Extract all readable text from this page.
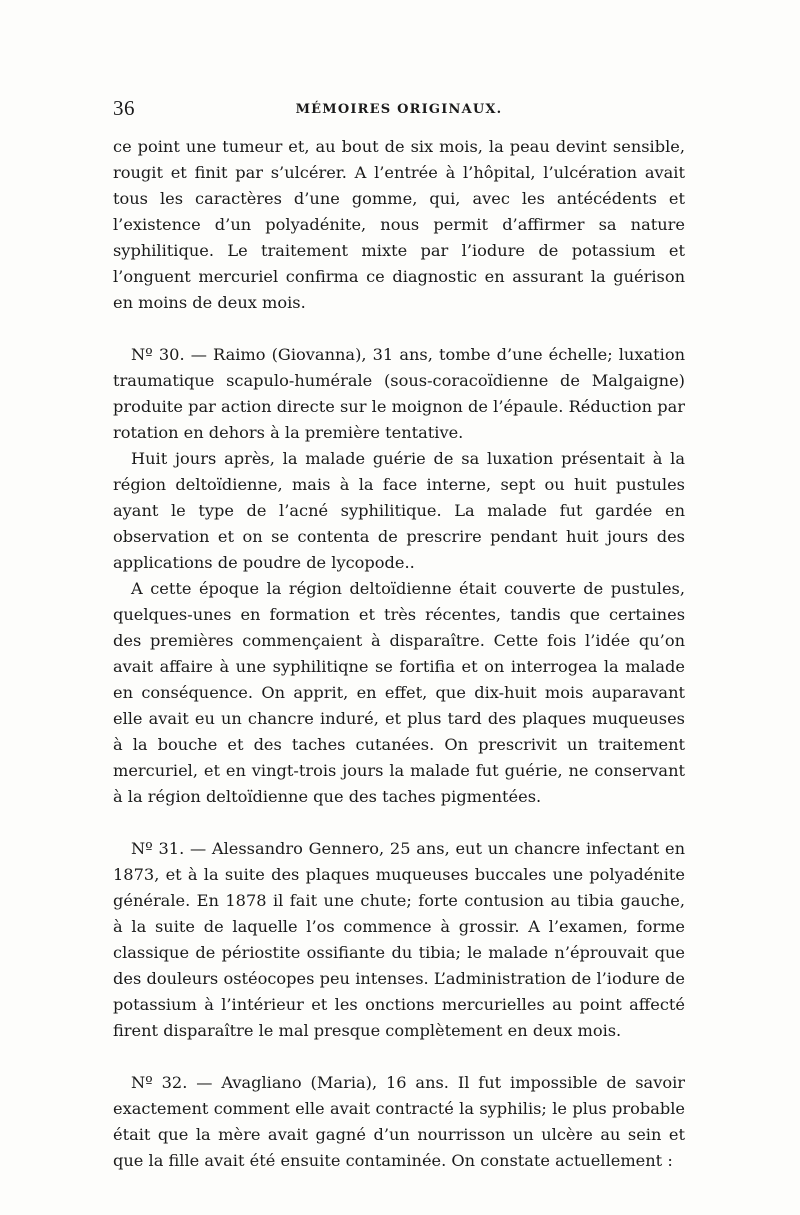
36	MÉMOIRES ORIGINAUX.

ce point une tumeur et, au bout de six mois, la peau devint sensible, rougit et finit par s’ulcérer. A l’entrée à l’hôpital, l’ulcération avait tous les caractères d’une gomme, qui, avec les antécédents et l’existence d’un polyadénite, nous permit d’affirmer sa nature syphilitique. Le traitement mixte par l’iodure de potassium et l’onguent mercuriel confirma ce diagnostic en assurant la guérison en moins de deux mois.

Nº 30. — Raimo (Giovanna), 31 ans, tombe d’une échelle; luxation traumatique scapulo-humérale (sous-coracoïdienne de Malgaigne) produite par action directe sur le moignon de l’épaule. Réduction par rotation en dehors à la première tentative.

Huit jours après, la malade guérie de sa luxation présentait à la région deltoïdienne, mais à la face interne, sept ou huit pustules ayant le type de l’acné syphilitique. La malade fut gardée en observation et on se contenta de prescrire pendant huit jours des applications de poudre de lycopode..

A cette époque la région deltoïdienne était couverte de pustules, quelques-unes en formation et très récentes, tandis que certaines des premières commençaient à disparaître. Cette fois l’idée qu’on avait affaire à une syphilitiqne se fortifia et on interrogea la malade en conséquence. On apprit, en effet, que dix-huit mois auparavant elle avait eu un chancre induré, et plus tard des plaques muqueuses à la bouche et des taches cutanées. On prescrivit un traitement mercuriel, et en vingt-trois jours la malade fut guérie, ne conservant à la région deltoïdienne que des taches pigmentées.

Nº 31. — Alessandro Gennero, 25 ans, eut un chancre infectant en 1873, et à la suite des plaques muqueuses buccales une polyadénite générale. En 1878 il fait une chute; forte contusion au tibia gauche, à la suite de laquelle l’os commence à grossir. A l’examen, forme classique de périostite ossifiante du tibia; le malade n’éprouvait que des douleurs ostéocopes peu intenses. L’administration de l’iodure de potassium à l’intérieur et les onctions mercurielles au point affecté firent disparaître le mal presque complètement en deux mois.

Nº 32. — Avagliano (Maria), 16 ans. Il fut impossible de savoir exactement comment elle avait contracté la syphilis; le plus probable était que la mère avait gagné d’un nourrisson un ulcère au sein et que la fille avait été ensuite contaminée. On constate actuellement :
